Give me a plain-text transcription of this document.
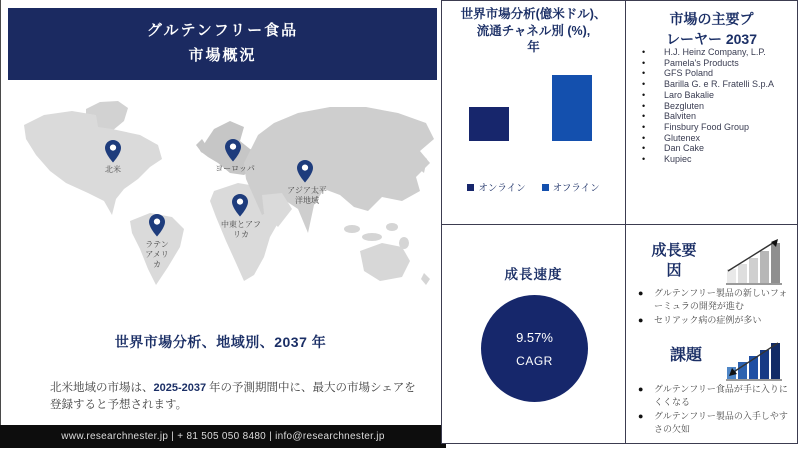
グルテンフリー食品
市場概況
北米	ヨーロッパ
アジア太平洋地域
中東とアフリカ
ラテンアメリカ
世界市場分析、地域別、2037 年

北米地域の市場は、2025-2037 年の予測期間中に、最大の市場シェアを登録すると予想されます。

www.researchnester.jp | + 81 505 050 8480 | info@researchnester.jp
世界市場分析(億米ドル)、
流通チャネル別 (%),
年
オンライン	オフライン
成長速度
9.57%
CAGR
市場の主要プ
レーヤー 2037
•	H.J. Heinz Company, L.P.
•	Pamela's Products
•	GFS Poland
•	Barilla G. e R. Fratelli S.p.A
•	Laro Bakalie
•	Bezgluten
•	Balviten
•	Finsbury Food Group
•	Glutenex
•	Dan Cake
•	Kupiec
成長要因
●	グルテンフリー製品の新しいフォーミュラの開発が進む
●	セリアック病の症例が多い
課題
●	グルテンフリー食品が手に入りにくくなる
●	グルテンフリー製品の入手しやすさの欠如
